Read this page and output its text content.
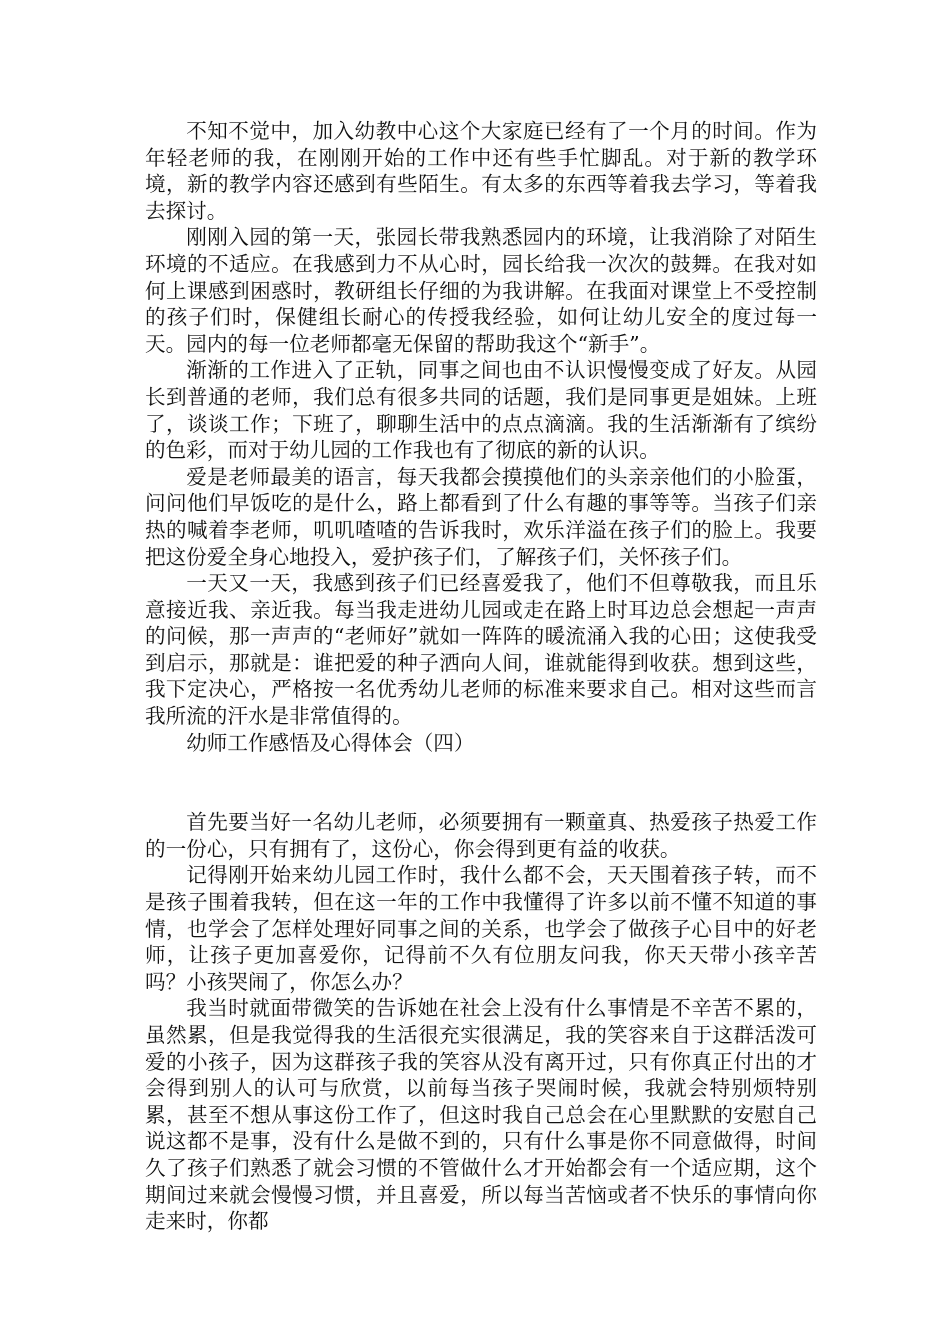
不知不觉中，加入幼教中心这个大家庭已经有了一个月的时间。作为年轻老师的我，在刚刚开始的工作中还有些手忙脚乱。对于新的教学环境，新的教学内容还感到有些陌生。有太多的东西等着我去学习，等着我去探讨。

刚刚入园的第一天，张园长带我熟悉园内的环境，让我消除了对陌生环境的不适应。在我感到力不从心时，园长给我一次次的鼓舞。在我对如何上课感到困惑时，教研组长仔细的为我讲解。在我面对课堂上不受控制的孩子们时，保健组长耐心的传授我经验，如何让幼儿安全的度过每一天。园内的每一位老师都毫无保留的帮助我这个“新手”。

渐渐的工作进入了正轨，同事之间也由不认识慢慢变成了好友。从园长到普通的老师，我们总有很多共同的话题，我们是同事更是姐妹。上班了，谈谈工作；下班了，聊聊生活中的点点滴滴。我的生活渐渐有了缤纷的色彩，而对于幼儿园的工作我也有了彻底的新的认识。

爱是老师最美的语言，每天我都会摸摸他们的头亲亲他们的小脸蛋，问问他们早饭吃的是什么，路上都看到了什么有趣的事等等。当孩子们亲热的喊着李老师，叽叽喳喳的告诉我时，欢乐洋溢在孩子们的脸上。我要把这份爱全身心地投入，爱护孩子们，了解孩子们，关怀孩子们。

一天又一天，我感到孩子们已经喜爱我了，他们不但尊敬我，而且乐意接近我、亲近我。每当我走进幼儿园或走在路上时耳边总会想起一声声的问候，那一声声的“老师好”就如一阵阵的暖流涌入我的心田；这使我受到启示，那就是：谁把爱的种子洒向人间，谁就能得到收获。想到这些，我下定决心，严格按一名优秀幼儿老师的标准来要求自己。相对这些而言我所流的汗水是非常值得的。

幼师工作感悟及心得体会（四）

首先要当好一名幼儿老师，必须要拥有一颗童真、热爱孩子热爱工作的一份心，只有拥有了，这份心，你会得到更有益的收获。

记得刚开始来幼儿园工作时，我什么都不会，天天围着孩子转，而不是孩子围着我转，但在这一年的工作中我懂得了许多以前不懂不知道的事情，也学会了怎样处理好同事之间的关系，也学会了做孩子心目中的好老师，让孩子更加喜爱你，记得前不久有位朋友问我，你天天带小孩辛苦吗？小孩哭闹了，你怎么办？

我当时就面带微笑的告诉她在社会上没有什么事情是不辛苦不累的，虽然累，但是我觉得我的生活很充实很满足，我的笑容来自于这群活泼可爱的小孩子，因为这群孩子我的笑容从没有离开过，只有你真正付出的才会得到别人的认可与欣赏，以前每当孩子哭闹时候，我就会特别烦特别累，甚至不想从事这份工作了，但这时我自己总会在心里默默的安慰自己说这都不是事，没有什么是做不到的，只有什么事是你不同意做得，时间久了孩子们熟悉了就会习惯的不管做什么才开始都会有一个适应期，这个期间过来就会慢慢习惯，并且喜爱，所以每当苦恼或者不快乐的事情向你走来时，你都
